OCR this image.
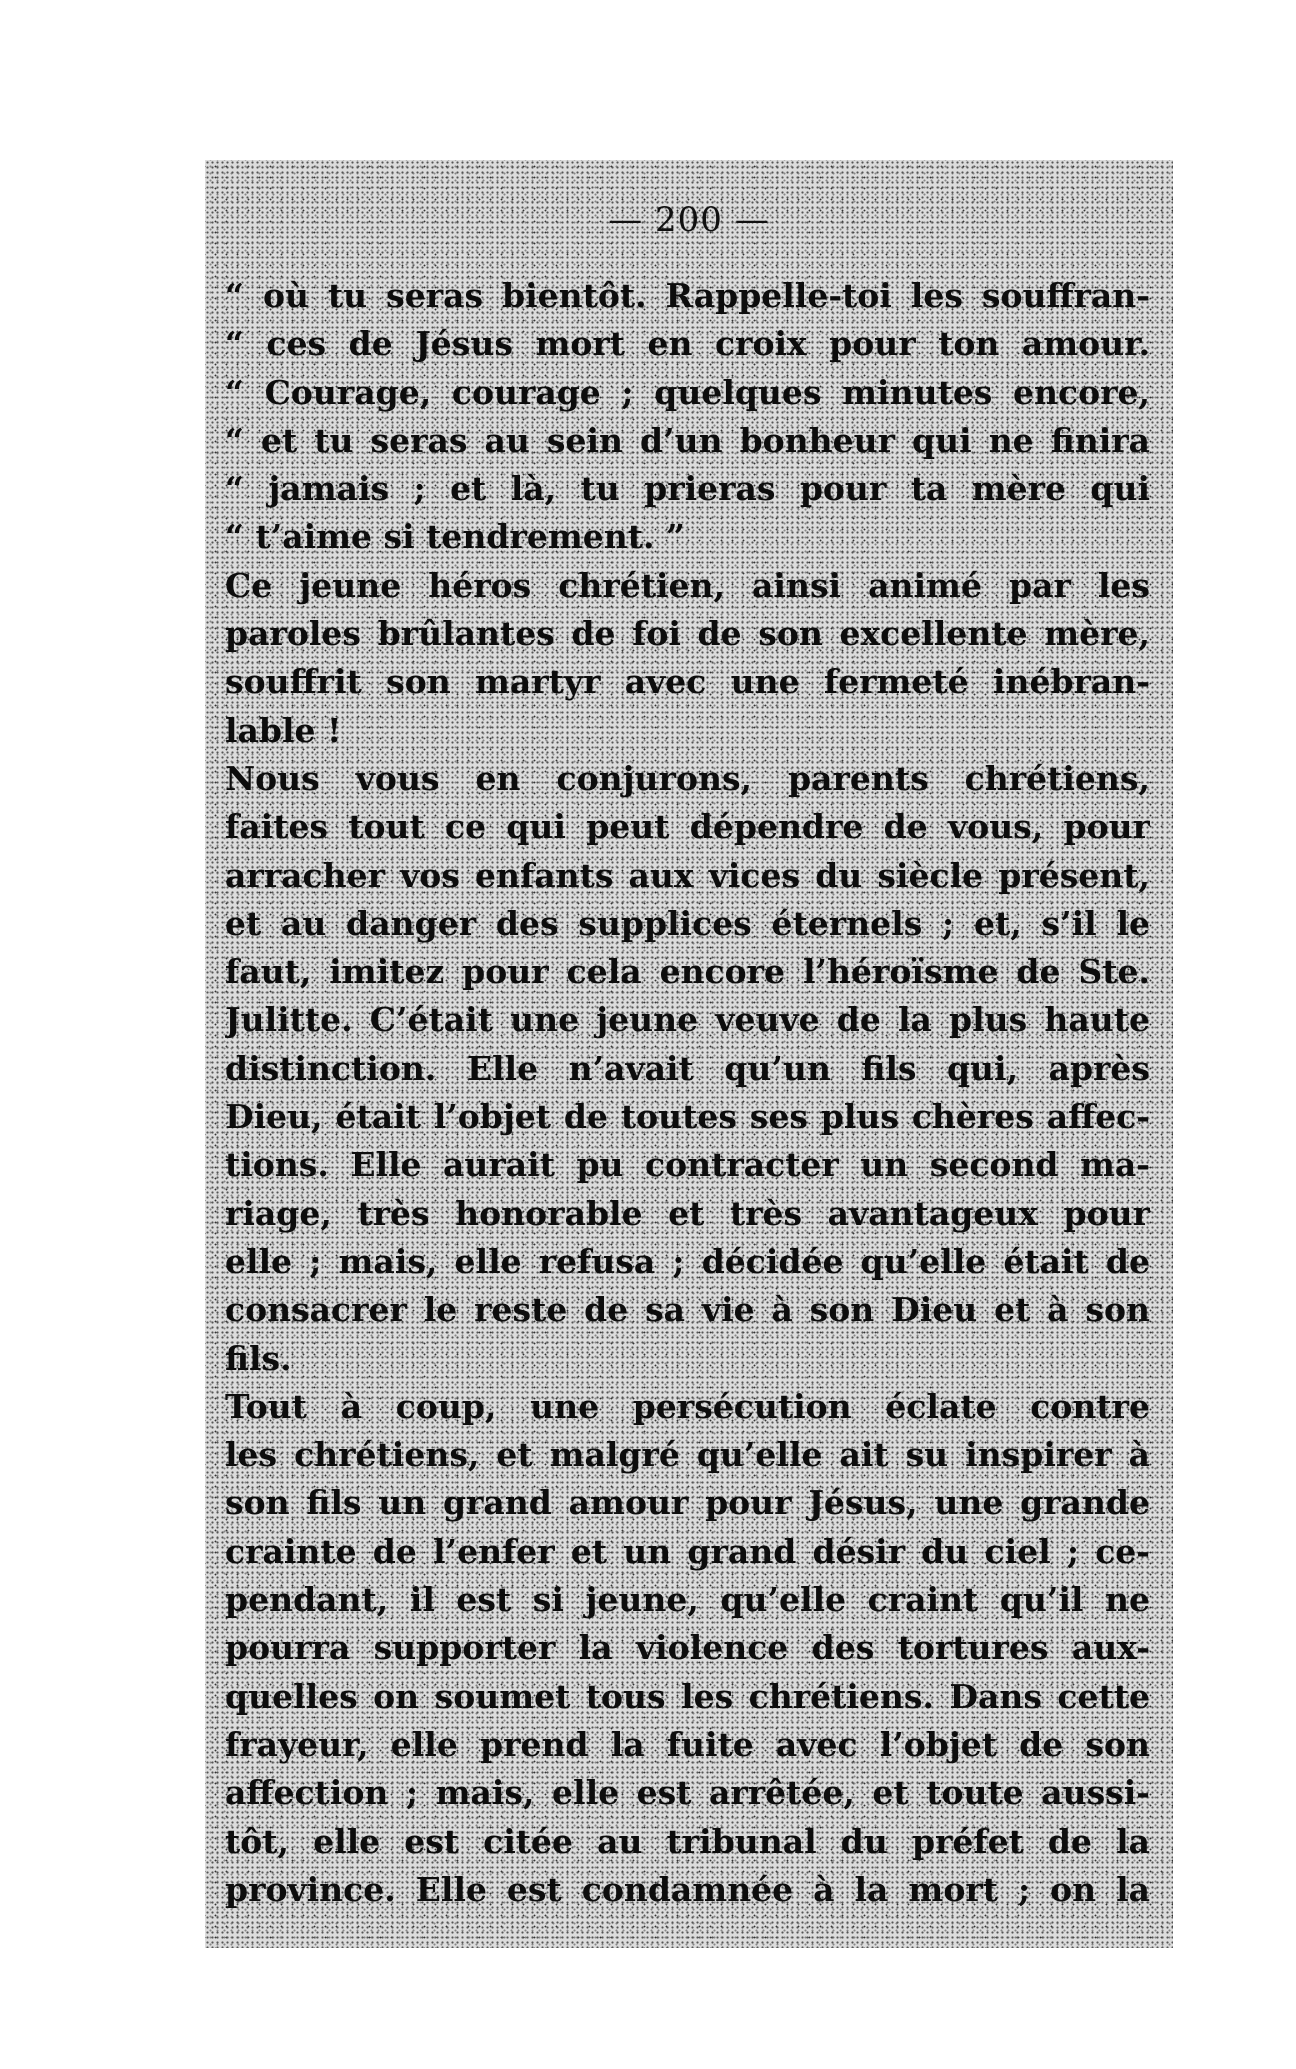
— 200 —
“ où tu seras bientôt. Rappelle-toi les souffran-
“ ces de Jésus mort en croix pour ton amour.
“ Courage, courage ; quelques minutes encore,
“ et tu seras au sein d’un bonheur qui ne finira
“ jamais ; et là, tu prieras pour ta mère qui
“ t’aime si tendrement. ”
Ce jeune héros chrétien, ainsi animé par les
paroles brûlantes de foi de son excellente mère,
souffrit son martyr avec une fermeté inébran-
lable !
Nous vous en conjurons, parents chrétiens,
faites tout ce qui peut dépendre de vous, pour
arracher vos enfants aux vices du siècle présent,
et au danger des supplices éternels ; et, s’il le
faut, imitez pour cela encore l’héroïsme de Ste.
Julitte. C’était une jeune veuve de la plus haute
distinction. Elle n’avait qu’un fils qui, après
Dieu, était l’objet de toutes ses plus chères affec-
tions. Elle aurait pu contracter un second ma-
riage, très honorable et très avantageux pour
elle ; mais, elle refusa ; décidée qu’elle était de
consacrer le reste de sa vie à son Dieu et à son
fils.
Tout à coup, une persécution éclate contre
les chrétiens, et malgré qu’elle ait su inspirer à
son fils un grand amour pour Jésus, une grande
crainte de l’enfer et un grand désir du ciel ; ce-
pendant, il est si jeune, qu’elle craint qu’il ne
pourra supporter la violence des tortures aux-
quelles on soumet tous les chrétiens. Dans cette
frayeur, elle prend la fuite avec l’objet de son
affection ; mais, elle est arrêtée, et toute aussi-
tôt, elle est citée au tribunal du préfet de la
province. Elle est condamnée à la mort ; on la
